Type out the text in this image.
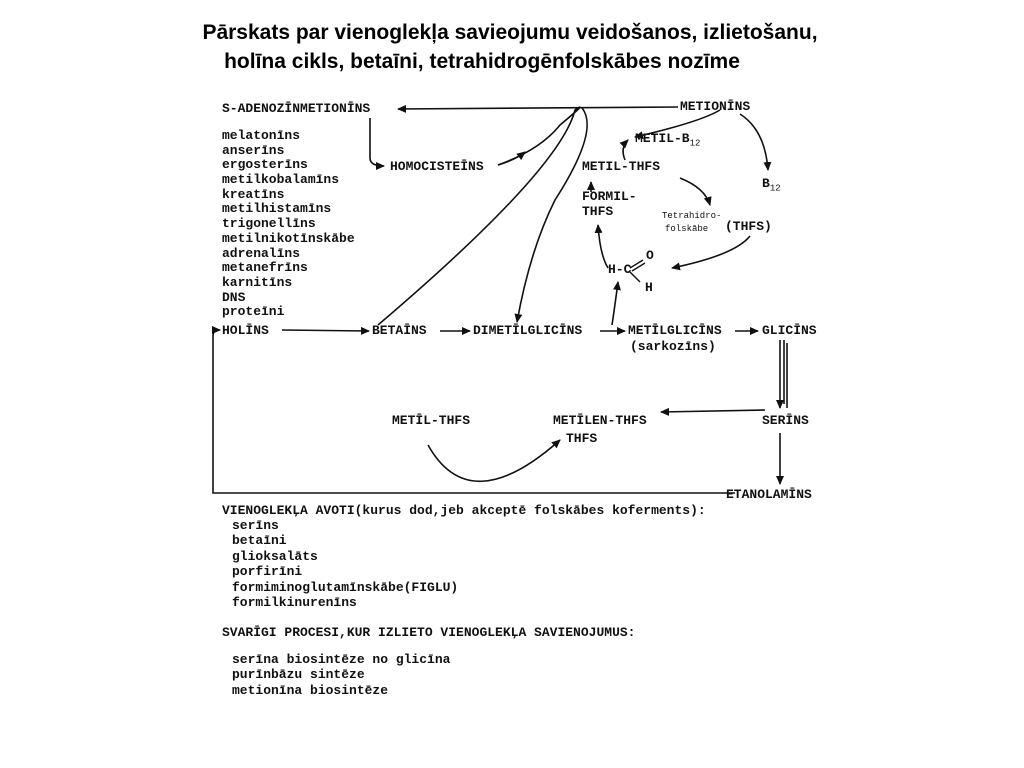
Pārskats par vienoglekļa savieojumu veidošanos, izlietošanu,
holīna cikls, betaīni, tetrahidrogēnfolskābes nozīme
S-ADENOZĪNMETIONĪNS	METIONĪNS
METIL-$B_{12}$
$B_{12}$
HOMOCISTEĪNS	METIL-THFS
FORMIL-
THFS	Tetrahidro-
folskābe (THFS)
H-C
O
H
melatonīns
anserīns
ergosterīns
metilkobalamīns
kreatīns
metilhistamīns
trigonellīns
metilnikotīnskābe
adrenalīns
metanefrīns
karnitīns
DNS
proteīni
HOLĪNS	BETAĪNS	DIMETĪLGLICĪNS	METĪLGLICĪNS
(sarkozīns)
GLICĪNS
METĪL-THFS	METĪLEN-THFS
THFS
SERĪNS
ETANOLAMĪNS
VIENOGLEKĻA AVOTI(kurus dod,jeb akceptē folskābes koferments):
serīns
betaīni
glioksalāts
porfirīni
formiminoglutamīnskābe(FIGLU)
formilkinurenīns
SVARĪGI PROCESI,KUR IZLIETO VIENOGLEKĻA SAVIENOJUMUS:
serīna biosintēze no glicīna
purīnbāzu sintēze
metionīna biosintēze
